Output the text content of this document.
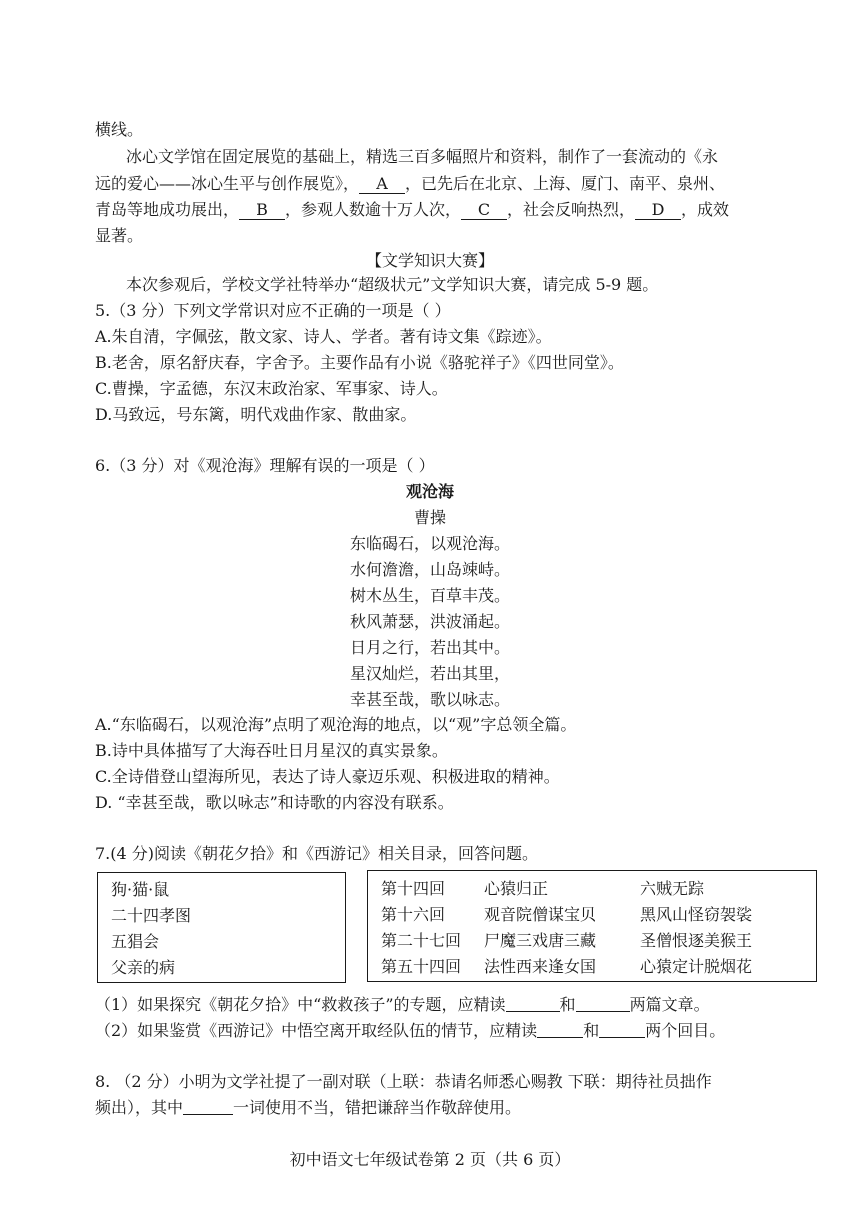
横线。
冰心文学馆在固定展览的基础上，精选三百多幅照片和资料，制作了一套流动的《永
远的爱心——冰心生平与创作展览》， A ，已先后在北京、上海、厦门、南平、泉州、
青岛等地成功展出， B ，参观人数逾十万人次， C ，社会反响热烈， D ，成效
显著。
【文学知识大赛】
本次参观后，学校文学社特举办“超级状元”文学知识大赛，请完成 5-9 题。
5.（3 分）下列文学常识对应不正确的一项是（ ）
A.朱自清，字佩弦，散文家、诗人、学者。著有诗文集《踪迹》。
B.老舍，原名舒庆春，字舍予。主要作品有小说《骆驼祥子》《四世同堂》。
C.曹操，字孟德，东汉末政治家、军事家、诗人。
D.马致远，号东篱，明代戏曲作家、散曲家。
6.（3 分）对《观沧海》理解有误的一项是（ ）
观沧海
曹操
东临碣石，以观沧海。
水何澹澹，山岛竦峙。
树木丛生，百草丰茂。
秋风萧瑟，洪波涌起。
日月之行，若出其中。
星汉灿烂，若出其里，
幸甚至哉，歌以咏志。
A.“东临碣石，以观沧海”点明了观沧海的地点，以“观”字总领全篇。
B.诗中具体描写了大海吞吐日月星汉的真实景象。
C.全诗借登山望海所见，表达了诗人豪迈乐观、积极进取的精神。
D. “幸甚至哉，歌以咏志”和诗歌的内容没有联系。
7.(4 分)阅读《朝花夕拾》和《西游记》相关目录，回答问题。
狗·猫·鼠
二十四孝图
五猖会
父亲的病
第十四回 心猿归正	六贼无踪
第十六回 观音院僧谋宝贝	黑风山怪窃袈裟
第二十七回 尸魔三戏唐三藏	圣僧恨逐美猴王
第五十四回 法性西来逢女国	心猿定计脱烟花
（1）如果探究《朝花夕拾》中“救救孩子”的专题，应精读	和	两篇文章。
（2）如果鉴赏《西游记》中悟空离开取经队伍的情节，应精读	和	两个回目。
8. （2 分）小明为文学社提了一副对联（上联：恭请名师悉心赐教 下联：期待社员拙作
频出），其中	一词使用不当，错把谦辞当作敬辞使用。
初中语文七年级试卷第 2 页（共 6 页）
